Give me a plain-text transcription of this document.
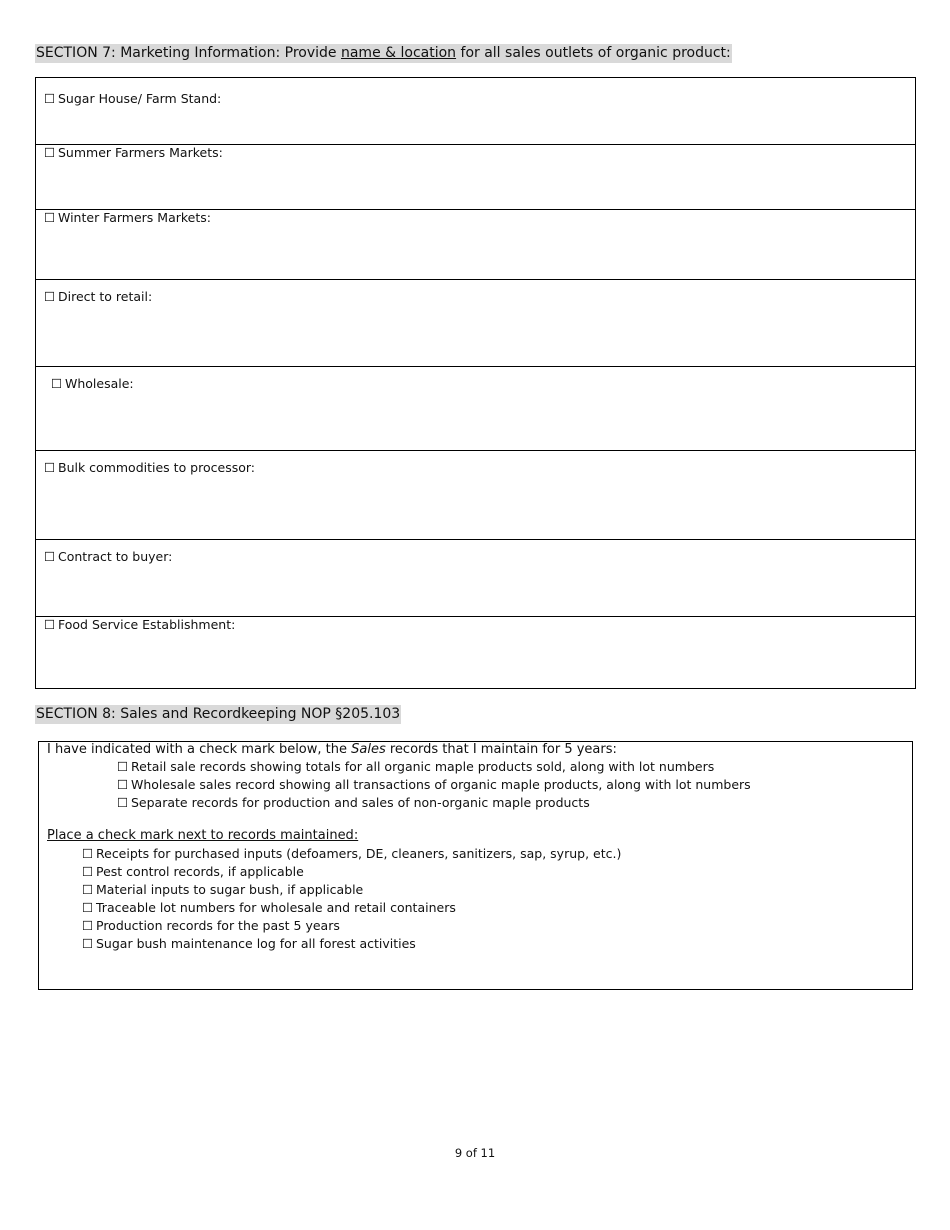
SECTION 7: Marketing Information: Provide name & location for all sales outlets of organic product:
☐ Sugar House/ Farm Stand:
☐ Summer Farmers Markets:
☐ Winter Farmers Markets:
☐ Direct to retail:
☐ Wholesale:
☐ Bulk commodities to processor:
☐ Contract to buyer:
☐ Food Service Establishment:
SECTION 8: Sales and Recordkeeping NOP §205.103
I have indicated with a check mark below, the Sales records that I maintain for 5 years:
☐ Retail sale records showing totals for all organic maple products sold, along with lot numbers
☐ Wholesale sales record showing all transactions of organic maple products, along with lot numbers
☐ Separate records for production and sales of non-organic maple products
Place a check mark next to records maintained:
☐ Receipts for purchased inputs (defoamers, DE, cleaners, sanitizers, sap, syrup, etc.)
☐ Pest control records, if applicable
☐ Material inputs to sugar bush, if applicable
☐ Traceable lot numbers for wholesale and retail containers
☐ Production records for the past 5 years
☐ Sugar bush maintenance log for all forest activities
9 of 11
